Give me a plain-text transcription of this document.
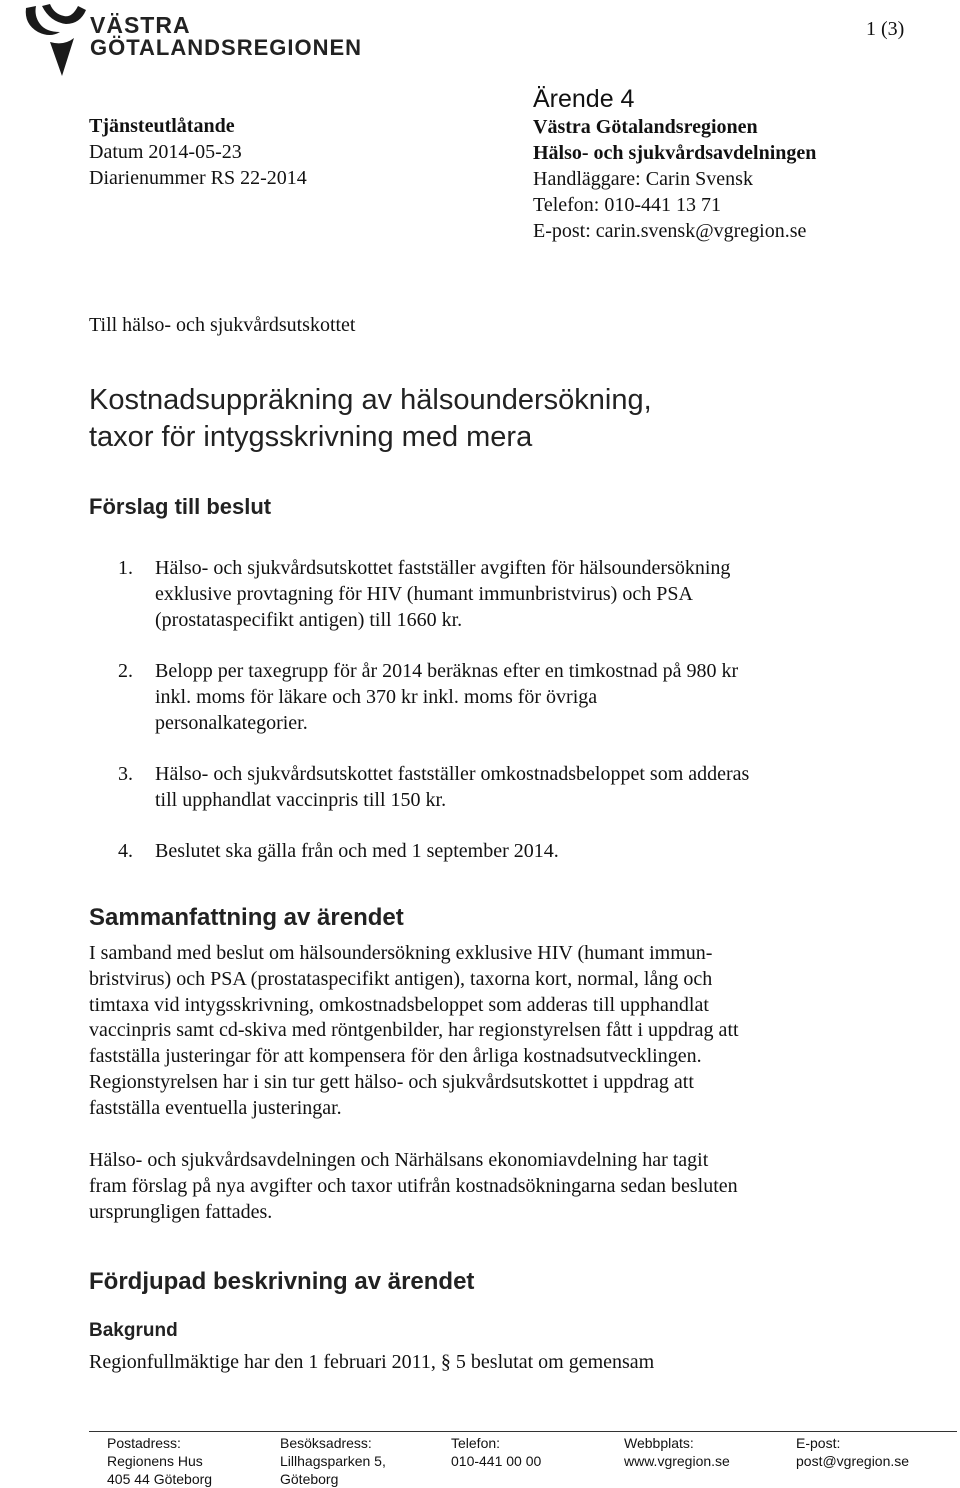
VÄSTRA
GÖTALANDSREGIONEN
1 (3)
Tjänsteutlåtande
Datum 2014-05-23
Diarienummer RS 22-2014
Ärende 4
Västra Götalandsregionen
Hälso- och sjukvårdsavdelningen
Handläggare: Carin Svensk
Telefon: 010-441 13 71
E-post: carin.svensk@vgregion.se
Till hälso- och sjukvårdsutskottet
Kostnadsuppräkning av hälsoundersökning,
taxor för intygsskrivning med mera
Förslag till beslut
1.	Hälso- och sjukvårdsutskottet fastställer avgiften för hälsoundersökning
exklusive provtagning för HIV (humant immunbristvirus) och PSA
(prostataspecifikt antigen) till 1660 kr.
2.	Belopp per taxegrupp för år 2014 beräknas efter en timkostnad på 980 kr
inkl. moms för läkare och 370 kr inkl. moms för övriga
personalkategorier.
3.	Hälso- och sjukvårdsutskottet fastställer omkostnadsbeloppet som adderas
till upphandlat vaccinpris till 150 kr.
4.	Beslutet ska gälla från och med 1 september 2014.
Sammanfattning av ärendet
I samband med beslut om hälsoundersökning exklusive HIV (humant immun-
bristvirus) och PSA (prostataspecifikt antigen), taxorna kort, normal, lång och
timtaxa vid intygsskrivning, omkostnadsbeloppet som adderas till upphandlat
vaccinpris samt cd-skiva med röntgenbilder, har regionstyrelsen fått i uppdrag att
fastställa justeringar för att kompensera för den årliga kostnadsutvecklingen.
Regionstyrelsen har i sin tur gett hälso- och sjukvårdsutskottet i uppdrag att
fastställa eventuella justeringar.
Hälso- och sjukvårdsavdelningen och Närhälsans ekonomiavdelning har tagit
fram förslag på nya avgifter och taxor utifrån kostnadsökningarna sedan besluten
ursprungligen fattades.
Fördjupad beskrivning av ärendet
Bakgrund
Regionfullmäktige har den 1 februari 2011, § 5 beslutat om gemensam
Postadress:
Regionens Hus
405 44 Göteborg
Besöksadress:
Lillhagsparken 5,
Göteborg
Telefon:
010-441 00 00
Webbplats:
www.vgregion.se
E-post:
post@vgregion.se
